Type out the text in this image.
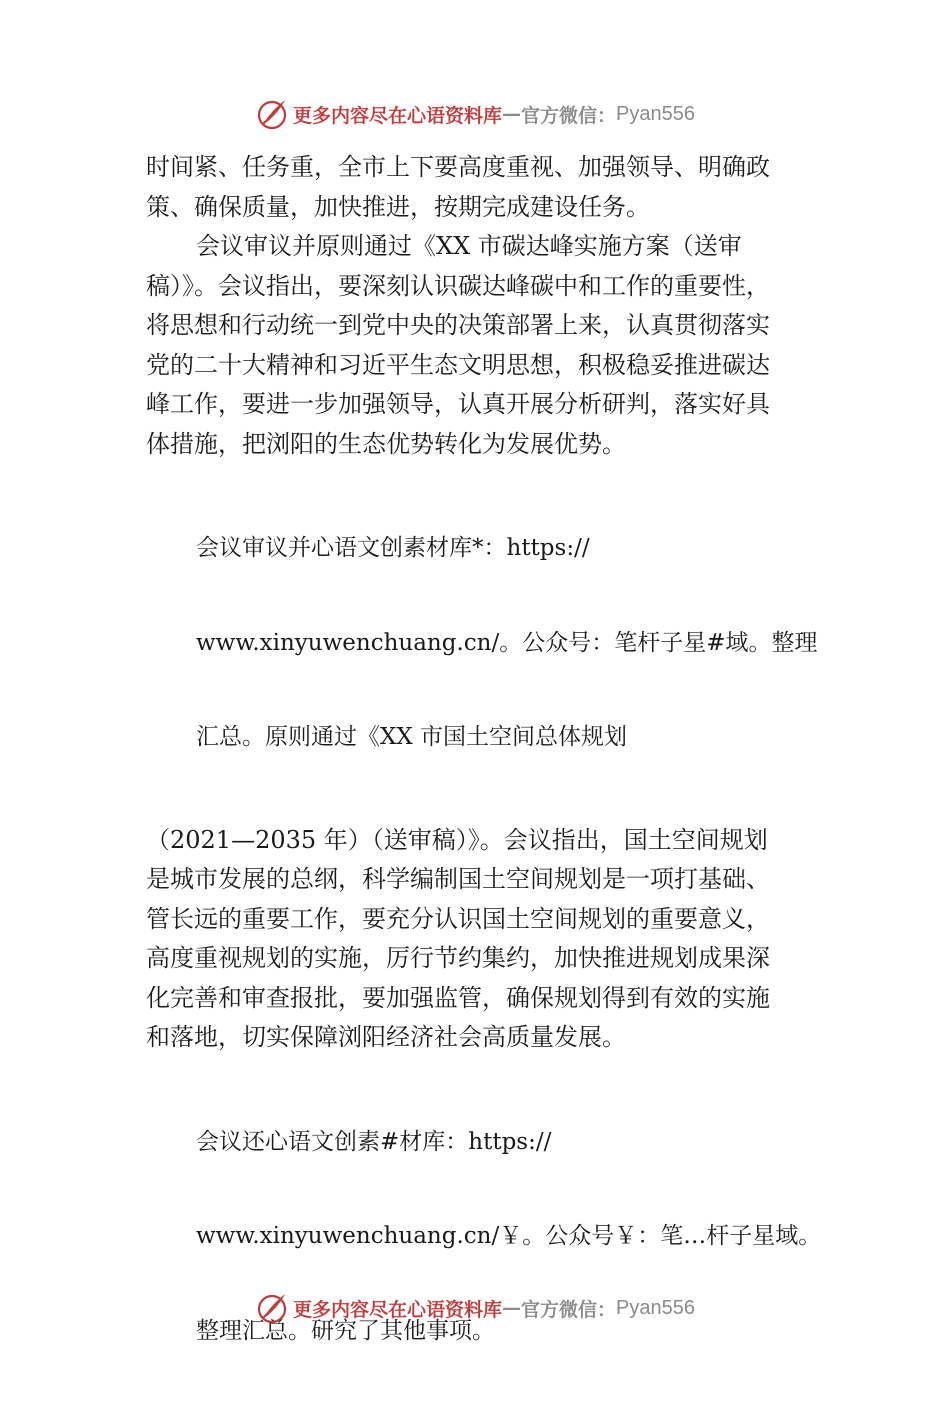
更多内容尽在心语资料库 — 官方微信： Pyan556

时间紧、任务重，全市上下要高度重视、加强领导、明确政
策、确保质量，加快推进，按期完成建设任务。

会议审议并原则通过《XX 市碳达峰实施方案（送审
稿）》。会议指出，要深刻认识碳达峰碳中和工作的重要性，
将思想和行动统一到党中央的决策部署上来，认真贯彻落实
党的二十大精神和习近平生态文明思想，积极稳妥推进碳达
峰工作，要进一步加强领导，认真开展分析研判，落实好具
体措施，把浏阳的生态优势转化为发展优势。

会议审议并心语文创素材库*：https://

www.xinyuwenchuang.cn/。公众号：笔杆子星#域。整理

汇总。原则通过《XX 市国土空间总体规划

（2021—2035 年）（送审稿）》。会议指出，国土空间规划
是城市发展的总纲，科学编制国土空间规划是一项打基础、
管长远的重要工作，要充分认识国土空间规划的重要意义，
高度重视规划的实施，厉行节约集约，加快推进规划成果深
化完善和审查报批，要加强监管，确保规划得到有效的实施
和落地，切实保障浏阳经济社会高质量发展。

会议还心语文创素#材库：https://

www.xinyuwenchuang.cn/￥。公众号￥：笔…杆子星域。

整理汇总。研究了其他事项。

更多内容尽在心语资料库 — 官方微信： Pyan556
